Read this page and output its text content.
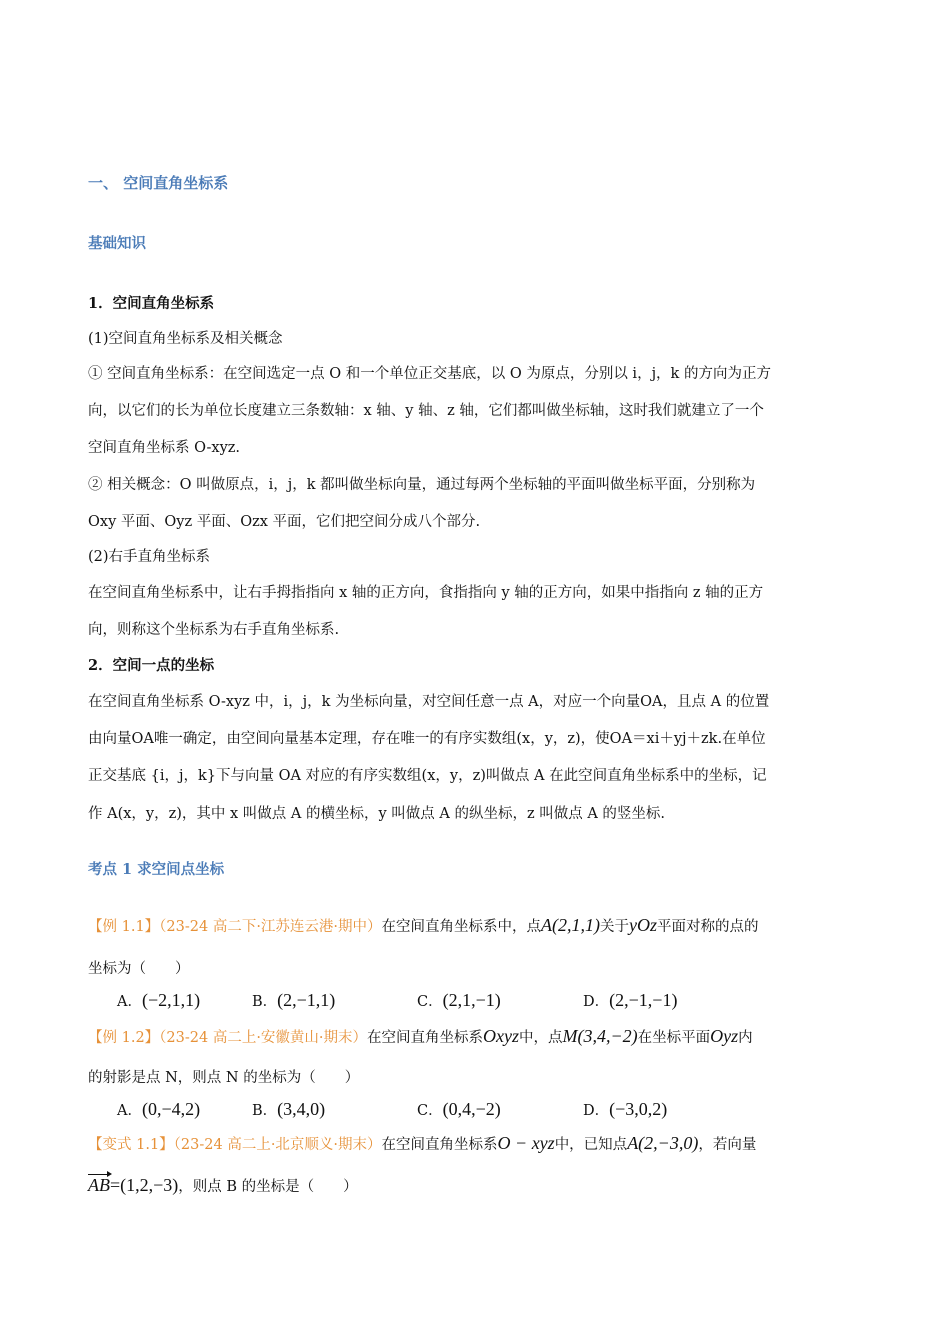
一、 空间直角坐标系
基础知识
1．空间直角坐标系
(1)空间直角坐标系及相关概念
① 空间直角坐标系：在空间选定一点 O 和一个单位正交基底，以 O 为原点，分别以 i，j，k 的方向为正方
向，以它们的长为单位长度建立三条数轴：x 轴、y 轴、z 轴，它们都叫做坐标轴，这时我们就建立了一个
空间直角坐标系 O-xyz.
② 相关概念：O 叫做原点，i，j，k 都叫做坐标向量，通过每两个坐标轴的平面叫做坐标平面，分别称为
Oxy 平面、Oyz 平面、Ozx 平面，它们把空间分成八个部分.
(2)右手直角坐标系
在空间直角坐标系中，让右手拇指指向 x 轴的正方向，食指指向 y 轴的正方向，如果中指指向 z 轴的正方
向，则称这个坐标系为右手直角坐标系.
2．空间一点的坐标
在空间直角坐标系 O-xyz 中，i，j，k 为坐标向量，对空间任意一点 A，对应一个向量OA，且点 A 的位置
由向量OA唯一确定，由空间向量基本定理，存在唯一的有序实数组(x，y，z)，使OA＝xi＋yj＋zk.在单位
正交基底 {i，j，k}下与向量 OA 对应的有序实数组(x，y，z)叫做点 A 在此空间直角坐标系中的坐标，记
作 A(x，y，z)，其中 x 叫做点 A 的横坐标，y 叫做点 A 的纵坐标，z 叫做点 A 的竖坐标.
考点 1 求空间点坐标
【例 1.1】（23-24 高二下·江苏连云港·期中）在空间直角坐标系中，点A(2,1,1)关于yOz平面对称的点的
坐标为（　　）
A．(−2,1,1)	B．(2,−1,1)	C．(2,1,−1)	D．(2,−1,−1)
【例 1.2】（23-24 高二上·安徽黄山·期末）在空间直角坐标系Oxyz中，点M(3,4,−2)在坐标平面Oyz内
的射影是点 N，则点 N 的坐标为（　　）
A．(0,−4,2)	B．(3,4,0)	C．(0,4,−2)	D．(−3,0,2)
【变式 1.1】（23-24 高二上·北京顺义·期末）在空间直角坐标系O − xyz中，已知点A(2,−3,0)，若向量
AB=(1,2,−3)，则点 B 的坐标是（　　）
